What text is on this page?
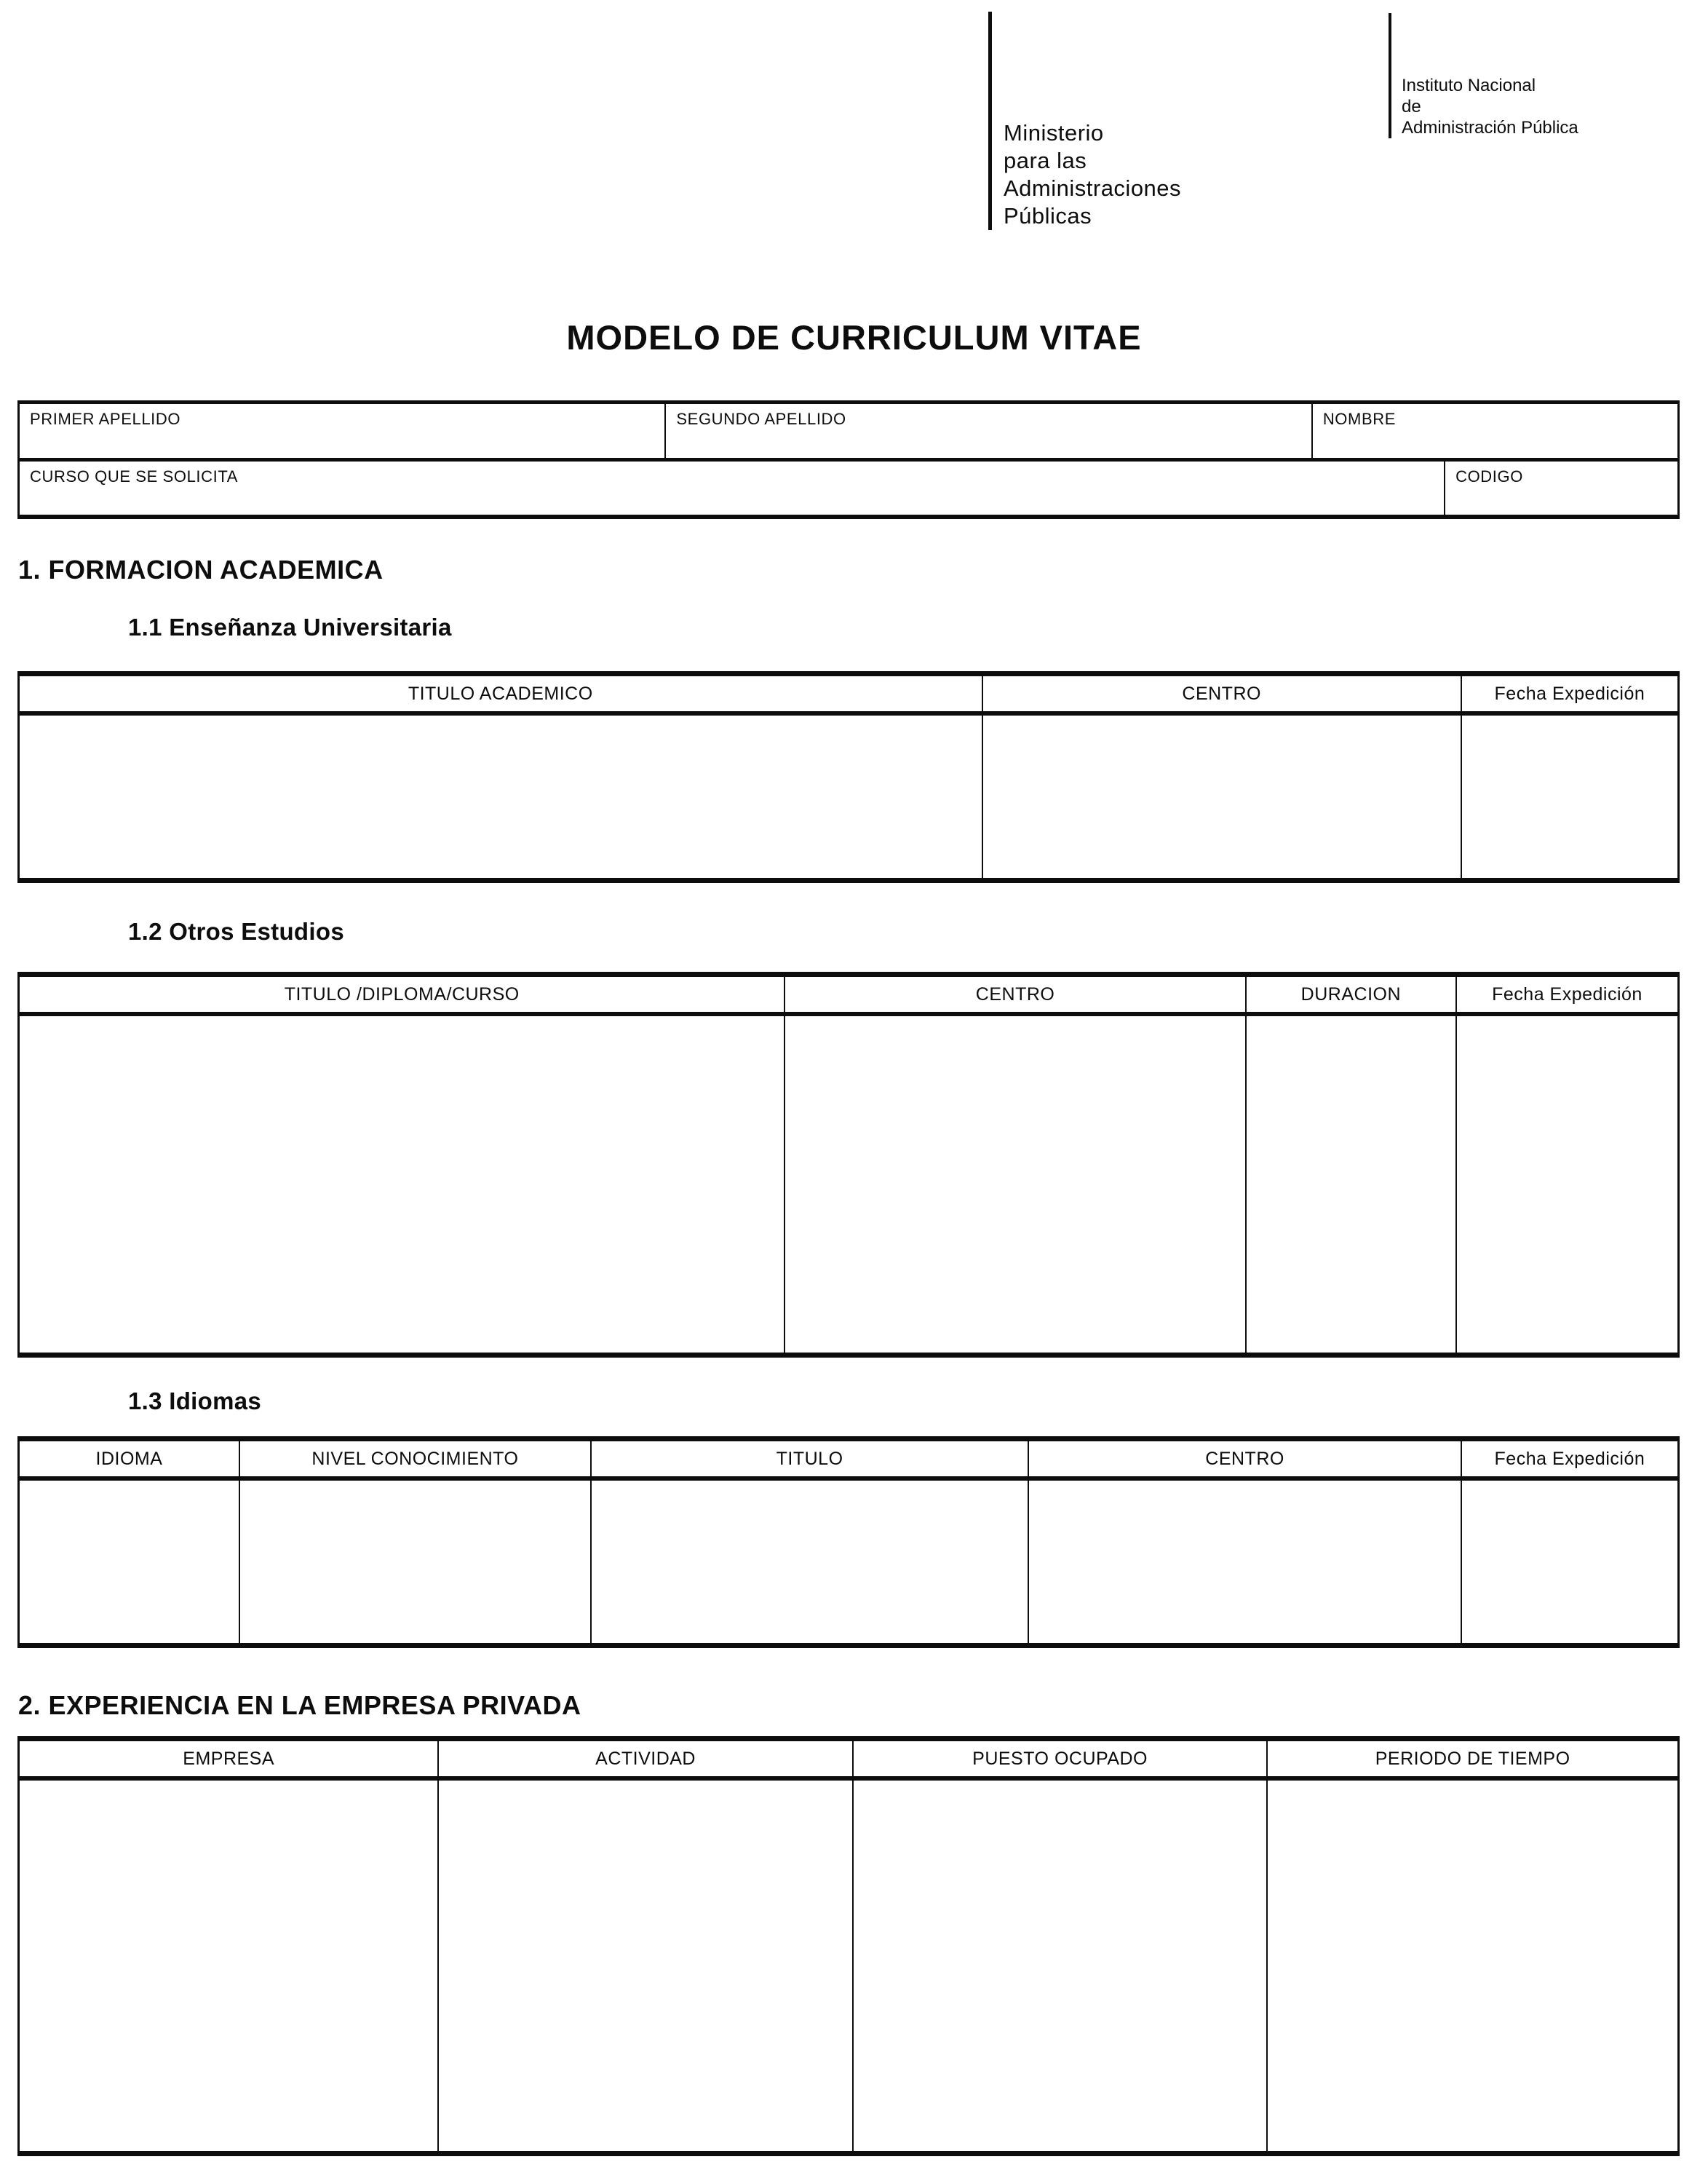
Ministerio
para las
Administraciones
Públicas
Instituto Nacional
de
Administración Pública
MODELO DE CURRICULUM VITAE
PRIMER APELLIDO	SEGUNDO APELLIDO	NOMBRE
CURSO QUE SE SOLICITA	CODIGO
1. FORMACION ACADEMICA
1.1 Enseñanza Universitaria
TITULO ACADEMICO	CENTRO	Fecha Expedición
1.2 Otros Estudios
TITULO /DIPLOMA/CURSO	CENTRO	DURACION	Fecha Expedición
1.3 Idiomas
IDIOMA	NIVEL CONOCIMIENTO	TITULO	CENTRO	Fecha Expedición
2. EXPERIENCIA EN LA EMPRESA PRIVADA
EMPRESA	ACTIVIDAD	PUESTO OCUPADO	PERIODO DE TIEMPO
